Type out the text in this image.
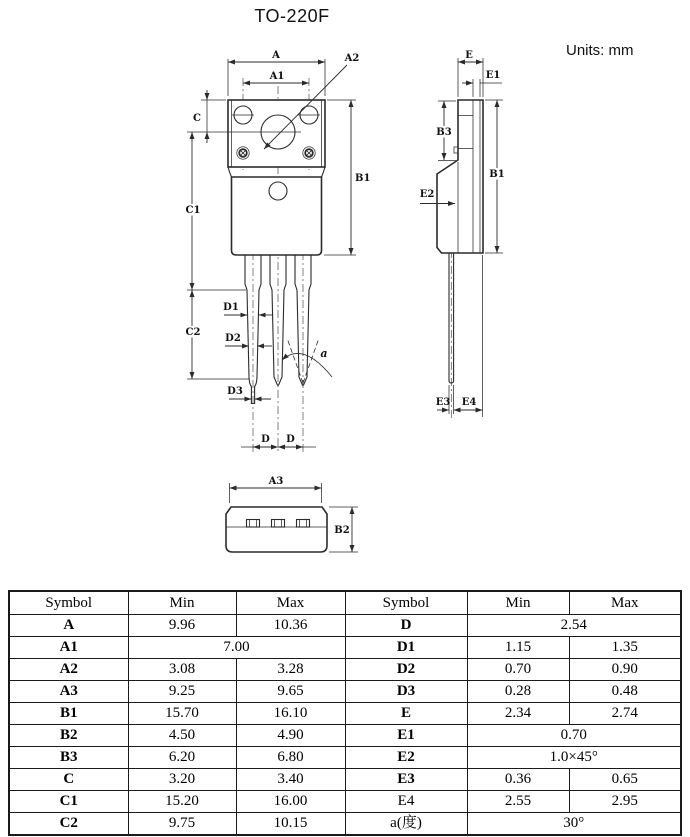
TO-220F
Units: mm
A
A1
A2
C
C1
C2
B1
D1
D2
D3
D D
a
E
E1
B3
B1
E2
E3 E4
A3
B2
Symbol	Min	Max	Symbol	Min	Max
A	9.96	10.36	D	2.54	
A1	7.00		D1	1.15	1.35
A2	3.08	3.28	D2	0.70	0.90
A3	9.25	9.65	D3	0.28	0.48
B1	15.70	16.10	E	2.34	2.74
B2	4.50	4.90	E1	0.70	
B3	6.20	6.80	E2	1.0×45°	
C	3.20	3.40	E3	0.36	0.65
C1	15.20	16.00	E4	2.55	2.95
C2	9.75	10.15	a(度)	30°	
